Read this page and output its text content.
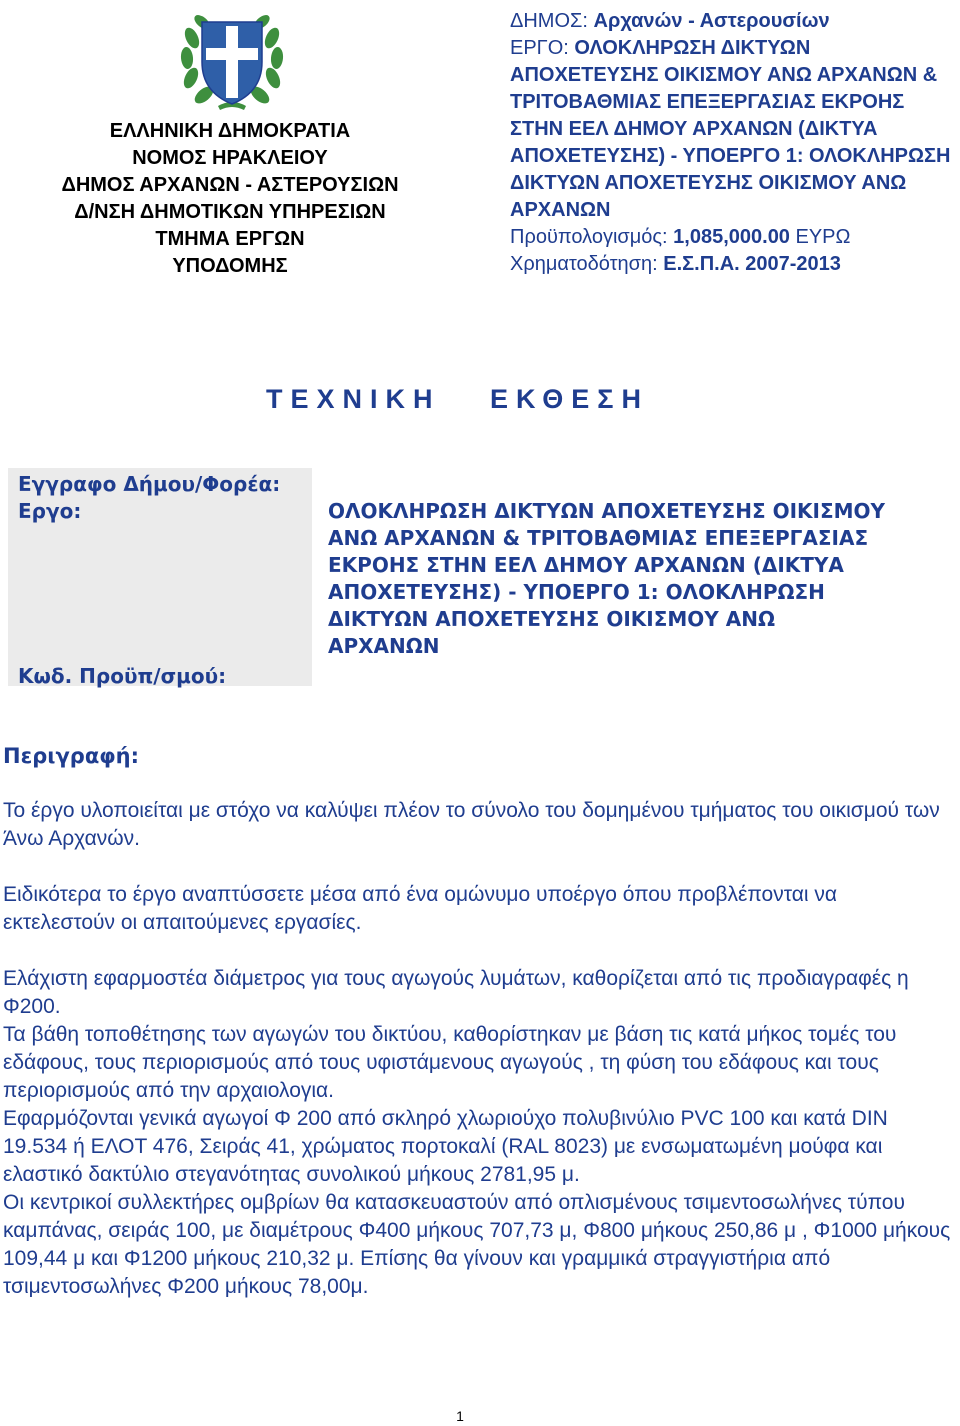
ΕΛΛΗΝΙΚΗ ΔΗΜΟΚΡΑΤΙΑ
ΝΟΜΟΣ ΗΡΑΚΛΕΙΟΥ
ΔΗΜΟΣ ΑΡΧΑΝΩΝ - ΑΣΤΕΡΟΥΣΙΩΝ
Δ/ΝΣΗ ΔΗΜΟΤΙΚΩΝ ΥΠΗΡΕΣΙΩΝ
ΤΜΗΜΑ ΕΡΓΩΝ
ΥΠΟΔΟΜΗΣ
ΔΗΜΟΣ: Αρχανών - Αστερουσίων
ΕΡΓΟ: ΟΛΟΚΛΗΡΩΣΗ ΔΙΚΤΥΩΝ ΑΠΟΧΕΤΕΥΣΗΣ ΟΙΚΙΣΜΟΥ ΑΝΩ ΑΡΧΑΝΩΝ & ΤΡΙΤΟΒΑΘΜΙΑΣ ΕΠΕΞΕΡΓΑΣΙΑΣ ΕΚΡΟΗΣ ΣΤΗΝ ΕΕΛ ΔΗΜΟΥ ΑΡΧΑΝΩΝ (ΔΙΚΤΥΑ ΑΠΟΧΕΤΕΥΣΗΣ) - ΥΠΟΕΡΓΟ 1: ΟΛΟΚΛΗΡΩΣΗ ΔΙΚΤΥΩΝ ΑΠΟΧΕΤΕΥΣΗΣ ΟΙΚΙΣΜΟΥ ΑΝΩ ΑΡΧΑΝΩΝ
Προϋπολογισμός: 1,085,000.00 ΕΥΡΩ
Χρηματοδότηση: Ε.Σ.Π.Α. 2007-2013
ΤΕΧΝΙΚΗ ΕΚΘΕΣΗ
Εγγραφο Δήμου/Φορέα:
Εργο:
Κωδ. Προϋπ/σμού:
ΟΛΟΚΛΗΡΩΣΗ ΔΙΚΤΥΩΝ ΑΠΟΧΕΤΕΥΣΗΣ ΟΙΚΙΣΜΟΥ ΑΝΩ ΑΡΧΑΝΩΝ & ΤΡΙΤΟΒΑΘΜΙΑΣ ΕΠΕΞΕΡΓΑΣΙΑΣ ΕΚΡΟΗΣ ΣΤΗΝ ΕΕΛ ΔΗΜΟΥ ΑΡΧΑΝΩΝ (ΔΙΚΤΥΑ ΑΠΟΧΕΤΕΥΣΗΣ) - ΥΠΟΕΡΓΟ 1: ΟΛΟΚΛΗΡΩΣΗ ΔΙΚΤΥΩΝ ΑΠΟΧΕΤΕΥΣΗΣ ΟΙΚΙΣΜΟΥ ΑΝΩ ΑΡΧΑΝΩΝ
Περιγραφή:

Το έργο υλοποιείται με στόχο να καλύψει πλέον το σύνολο του δομημένου τμήματος του οικισμού των Άνω Αρχανών.

Ειδικότερα το έργο αναπτύσσετε μέσα από ένα ομώνυμο υποέργο όπου προβλέπονται να εκτελεστούν οι απαιτούμενες εργασίες.

Ελάχιστη εφαρμοστέα διάμετρος για τους αγωγούς λυμάτων, καθορίζεται από τις προδιαγραφές η Φ200.

Τα βάθη τοποθέτησης των αγωγών του δικτύου, καθορίστηκαν με βάση τις κατά μήκος τομές του εδάφους, τους περιορισμούς από τους υφιστάμενους αγωγούς , τη φύση του εδάφους και τους περιορισμούς από την αρχαιολογια.

Εφαρμόζονται γενικά αγωγοί Φ 200 από σκληρό χλωριούχο πολυβινύλιο PVC 100 και κατά DIN 19.534 ή ΕΛΟΤ 476, Σειράς 41, χρώματος πορτοκαλί (RAL 8023) με ενσωματωμένη μούφα και ελαστικό δακτύλιο στεγανότητας συνολικού μήκους 2781,95 μ.

Οι κεντρικοί συλλεκτήρες ομβρίων θα κατασκευαστούν από οπλισμένους τσιμεντοσωλήνες τύπου καμπάνας, σειράς 100, με διαμέτρους Φ400 μήκους 707,73 μ, Φ800 μήκους 250,86 μ , Φ1000 μήκους 109,44 μ και Φ1200 μήκους 210,32 μ. Επίσης θα γίνουν και γραμμικά στραγγιστήρια από τσιμεντοσωλήνες Φ200 μήκους 78,00μ.

1
